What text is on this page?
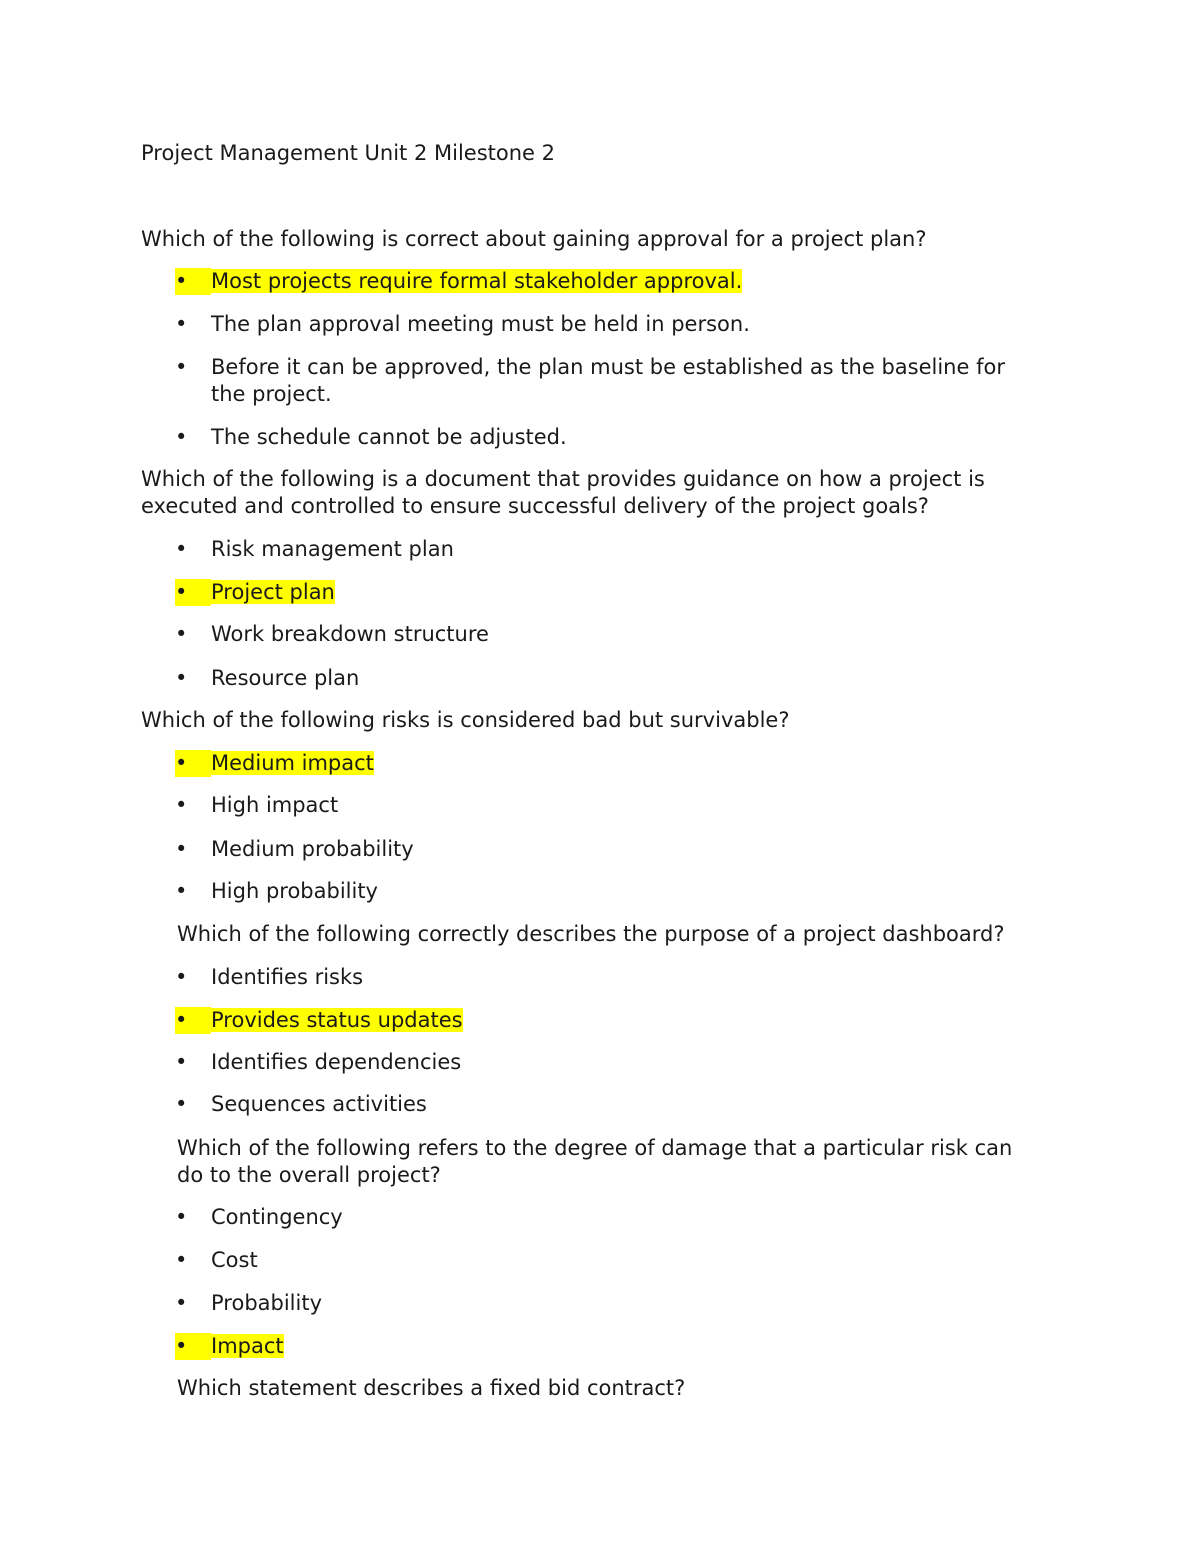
Project Management Unit 2 Milestone 2

Which of the following is correct about gaining approval for a project plan?

•	Most projects require formal stakeholder approval.
•	The plan approval meeting must be held in person.
•	Before it can be approved, the plan must be established as the baseline for the project.
•	The schedule cannot be adjusted.

Which of the following is a document that provides guidance on how a project is executed and controlled to ensure successful delivery of the project goals?

•	Risk management plan
•	Project plan
•	Work breakdown structure
•	Resource plan

Which of the following risks is considered bad but survivable?

•	Medium impact
•	High impact
•	Medium probability
•	High probability

Which of the following correctly describes the purpose of a project dashboard?

•	Identifies risks
•	Provides status updates
•	Identifies dependencies
•	Sequences activities

Which of the following refers to the degree of damage that a particular risk can do to the overall project?

•	Contingency
•	Cost
•	Probability
•	Impact

Which statement describes a fixed bid contract?
